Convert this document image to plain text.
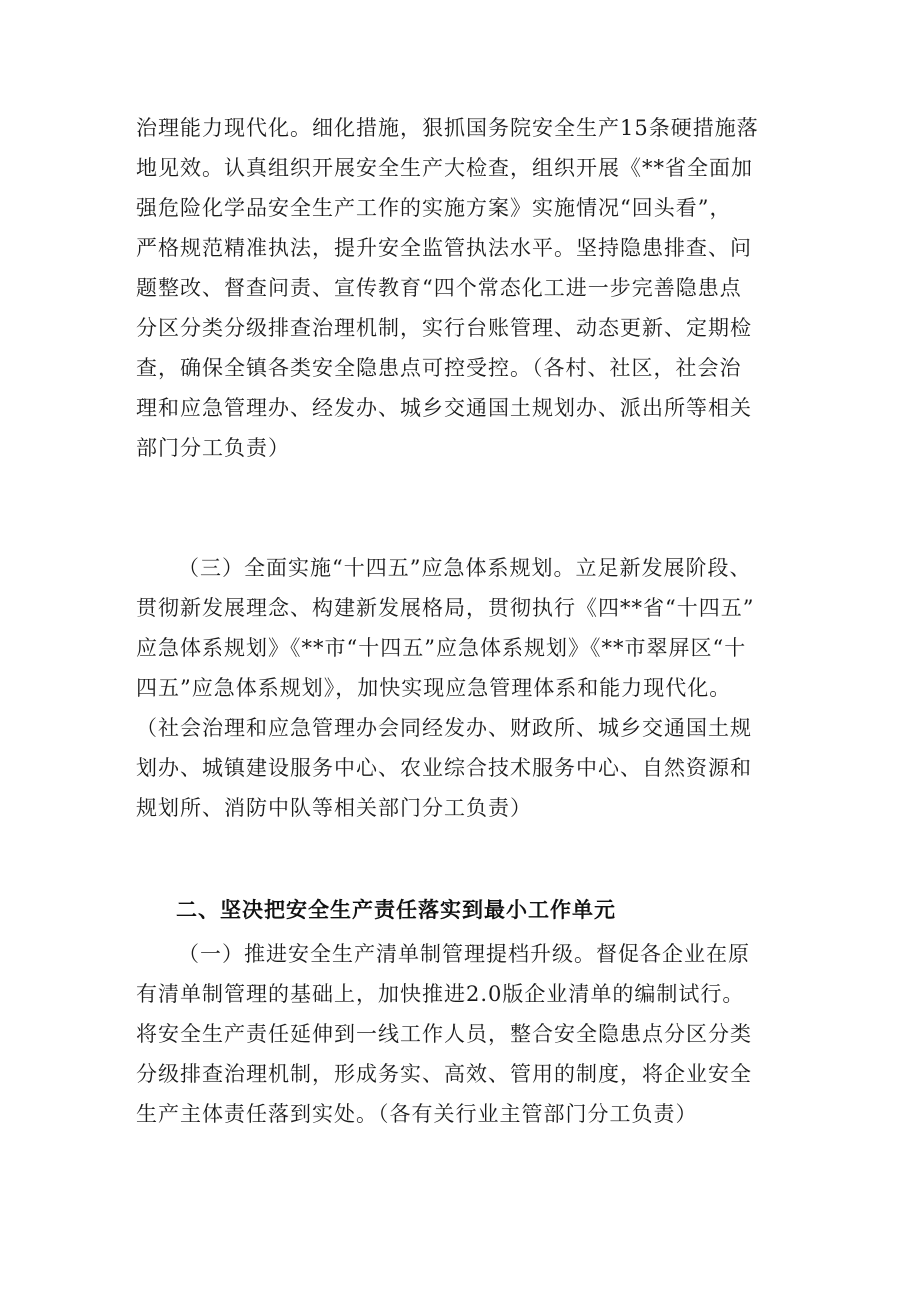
治理能力现代化。细化措施，狠抓国务院安全生产15条硬措施落
地见效。认真组织开展安全生产大检查，组织开展《**省全面加
强危险化学品安全生产工作的实施方案》实施情况“回头看”，
严格规范精准执法，提升安全监管执法水平。坚持隐患排查、问
题整改、督查问责、宣传教育“四个常态化工进一步完善隐患点
分区分类分级排查治理机制，实行台账管理、动态更新、定期检
查，确保全镇各类安全隐患点可控受控。（各村、社区，社会治
理和应急管理办、经发办、城乡交通国土规划办、派出所等相关
部门分工负责）
（三）全面实施“十四五”应急体系规划。立足新发展阶段、
贯彻新发展理念、构建新发展格局，贯彻执行《四**省“十四五”
应急体系规划》《**市“十四五”应急体系规划》《**市翠屏区“十
四五”应急体系规划》，加快实现应急管理体系和能力现代化。
（社会治理和应急管理办会同经发办、财政所、城乡交通国土规
划办、城镇建设服务中心、农业综合技术服务中心、自然资源和
规划所、消防中队等相关部门分工负责）
二、坚决把安全生产责任落实到最小工作单元
（一）推进安全生产清单制管理提档升级。督促各企业在原
有清单制管理的基础上，加快推进2.0版企业清单的编制试行。
将安全生产责任延伸到一线工作人员，整合安全隐患点分区分类
分级排查治理机制，形成务实、高效、管用的制度，将企业安全
生产主体责任落到实处。（各有关行业主管部门分工负责）
